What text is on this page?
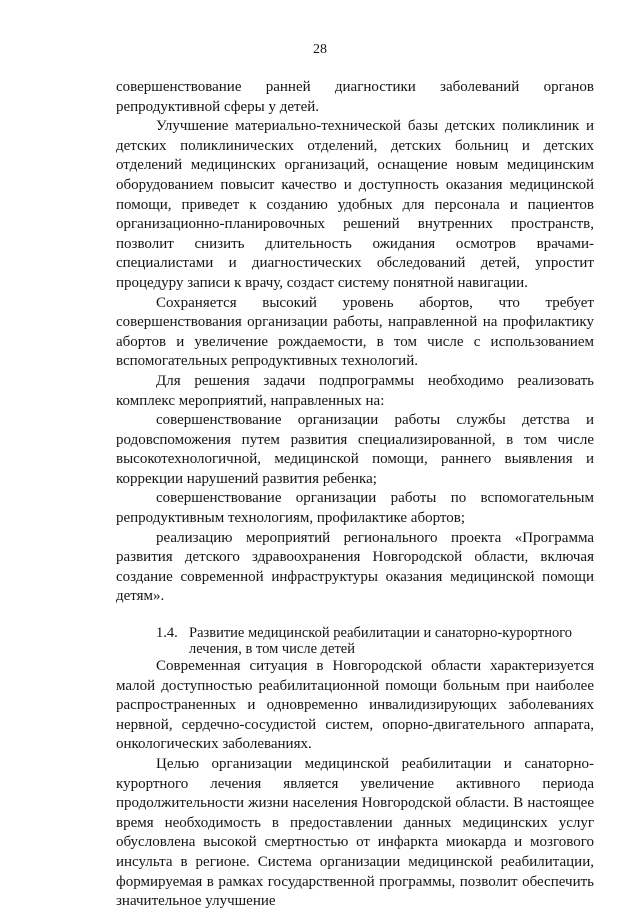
28

совершенствование ранней диагностики заболеваний органов репродуктивной сферы у детей.

Улучшение материально-технической базы детских поликлиник и детских поликлинических отделений, детских больниц и детских отделений медицинских организаций, оснащение новым медицинским оборудованием повысит качество и доступность оказания медицинской помощи, приведет к созданию удобных для персонала и пациентов организационно-планировочных решений внутренних пространств, позволит снизить длительность ожидания осмотров врачами-специалистами и диагностических обследований детей, упростит процедуру записи к врачу, создаст систему понятной навигации.

Сохраняется высокий уровень абортов, что требует совершенствования организации работы, направленной на профилактику абортов и увеличение рождаемости, в том числе с использованием вспомогательных репродуктивных технологий.

Для решения задачи подпрограммы необходимо реализовать комплекс мероприятий, направленных на:

совершенствование организации работы службы детства и родовспоможения путем развития специализированной, в том числе высокотехнологичной, медицинской помощи, раннего выявления и коррекции нарушений развития ребенка;

совершенствование организации работы по вспомогательным репродуктивным технологиям, профилактике абортов;

реализацию мероприятий регионального проекта «Программа развития детского здравоохранения Новгородской области, включая создание современной инфраструктуры оказания медицинской помощи детям».

1.4. Развитие медицинской реабилитации и санаторно-курортного лечения, в том числе детей

Современная ситуация в Новгородской области характеризуется малой доступностью реабилитационной помощи больным при наиболее распространенных и одновременно инвалидизирующих заболеваниях нервной, сердечно-сосудистой систем, опорно-двигательного аппарата, онкологических заболеваниях.

Целью организации медицинской реабилитации и санаторно-курортного лечения является увеличение активного периода продолжительности жизни населения Новгородской области. В настоящее время необходимость в предоставлении данных медицинских услуг обусловлена высокой смертностью от инфаркта миокарда и мозгового инсульта в регионе. Система организации медицинской реабилитации, формируемая в рамках государственной программы, позволит обеспечить значительное улучшение
